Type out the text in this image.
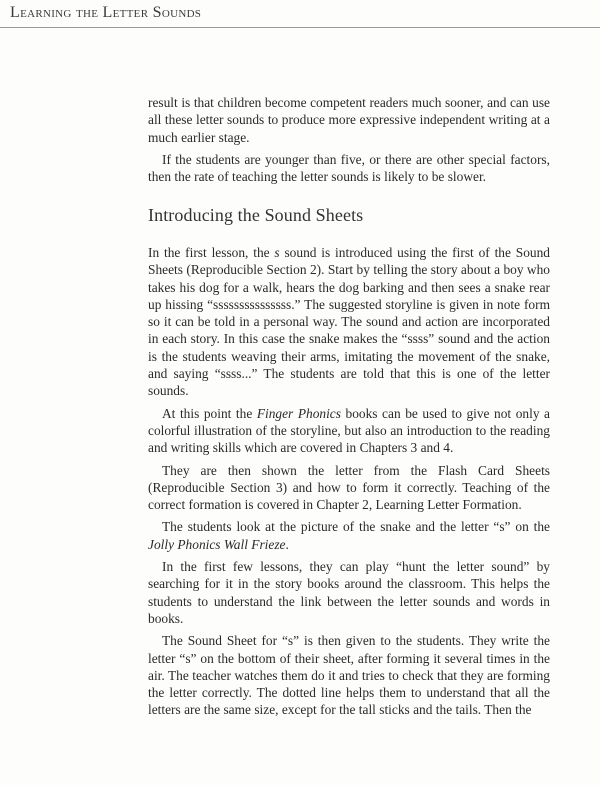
Learning the Letter Sounds

result is that children become competent readers much sooner, and can use all these letter sounds to produce more expressive independent writing at a much earlier stage.

If the students are younger than five, or there are other special factors, then the rate of teaching the letter sounds is likely to be slower.

Introducing the Sound Sheets

In the first lesson, the s sound is introduced using the first of the Sound Sheets (Reproducible Section 2). Start by telling the story about a boy who takes his dog for a walk, hears the dog barking and then sees a snake rear up hissing “sssssssssssssss.” The suggested storyline is given in note form so it can be told in a personal way. The sound and action are incorporated in each story. In this case the snake makes the “ssss” sound and the action is the students weaving their arms, imitating the movement of the snake, and saying “ssss...” The students are told that this is one of the letter sounds.

At this point the Finger Phonics books can be used to give not only a colorful illustration of the storyline, but also an introduction to the reading and writing skills which are covered in Chapters 3 and 4.

They are then shown the letter from the Flash Card Sheets (Reproducible Section 3) and how to form it correctly. Teaching of the correct formation is covered in Chapter 2, Learning Letter Formation.

The students look at the picture of the snake and the letter “s” on the Jolly Phonics Wall Frieze.

In the first few lessons, they can play “hunt the letter sound” by searching for it in the story books around the classroom. This helps the students to understand the link between the letter sounds and words in books.

The Sound Sheet for “s” is then given to the students. They write the letter “s” on the bottom of their sheet, after forming it several times in the air. The teacher watches them do it and tries to check that they are forming the letter correctly. The dotted line helps them to understand that all the letters are the same size, except for the tall sticks and the tails. Then the
